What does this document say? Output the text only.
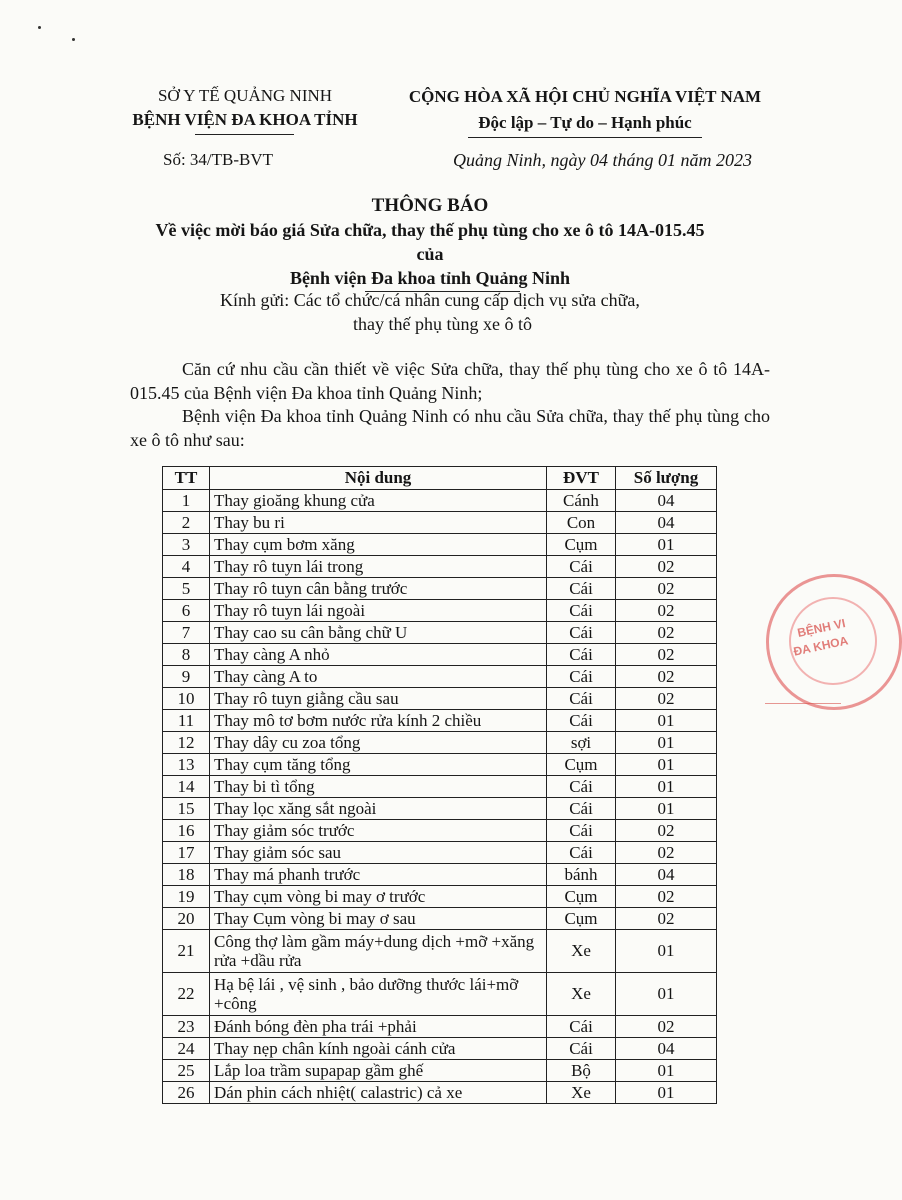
SỞ Y TẾ QUẢNG NINH
BỆNH VIỆN ĐA KHOA TỈNH
CỘNG HÒA XÃ HỘI CHỦ NGHĨA VIỆT NAM
Độc lập – Tự do – Hạnh phúc
Số: 34/TB-BVT	Quảng Ninh, ngày 04 tháng 01 năm 2023
THÔNG BÁO
Về việc mời báo giá Sửa chữa, thay thế phụ tùng cho xe ô tô 14A-015.45 của
Bệnh viện Đa khoa tỉnh Quảng Ninh
Kính gửi: Các tổ chức/cá nhân cung cấp dịch vụ sửa chữa,
thay thế phụ tùng xe ô tô
Căn cứ nhu cầu cần thiết về việc Sửa chữa, thay thế phụ tùng cho xe ô tô 14A-015.45 của Bệnh viện Đa khoa tỉnh Quảng Ninh;
Bệnh viện Đa khoa tỉnh Quảng Ninh có nhu cầu Sửa chữa, thay thế phụ tùng cho xe ô tô như sau:
TT	Nội dung	ĐVT	Số lượng
1	Thay gioăng khung cửa	Cánh	04
2	Thay bu ri	Con	04
3	Thay cụm bơm xăng	Cụm	01
4	Thay rô tuyn lái trong	Cái	02
5	Thay rô tuyn cân bằng trước	Cái	02
6	Thay rô tuyn lái ngoài	Cái	02
7	Thay cao su cân bằng chữ U	Cái	02
8	Thay càng A nhỏ	Cái	02
9	Thay càng A to	Cái	02
10	Thay rô tuyn giằng cầu sau	Cái	02
11	Thay mô tơ bơm nước rửa kính 2 chiều	Cái	01
12	Thay dây cu zoa tổng	sợi	01
13	Thay cụm tăng tổng	Cụm	01
14	Thay bi tì tổng	Cái	01
15	Thay lọc xăng sắt ngoài	Cái	01
16	Thay giảm sóc trước	Cái	02
17	Thay giảm sóc sau	Cái	02
18	Thay má phanh trước	bánh	04
19	Thay cụm vòng bi may ơ trước	Cụm	02
20	Thay Cụm vòng bi may ơ sau	Cụm	02
21	Công thợ làm gầm máy+dung dịch +mỡ +xăng rửa +dầu rửa	Xe	01
22	Hạ bệ lái , vệ sinh , bảo dưỡng thước lái+mỡ +công	Xe	01
23	Đánh bóng đèn pha trái +phải	Cái	02
24	Thay nẹp chân kính ngoài cánh cửa	Cái	04
25	Lắp loa trầm supapap gầm ghế	Bộ	01
26	Dán phin cách nhiệt( calastric) cả xe	Xe	01
BỆNH VI
ĐA KHOA
